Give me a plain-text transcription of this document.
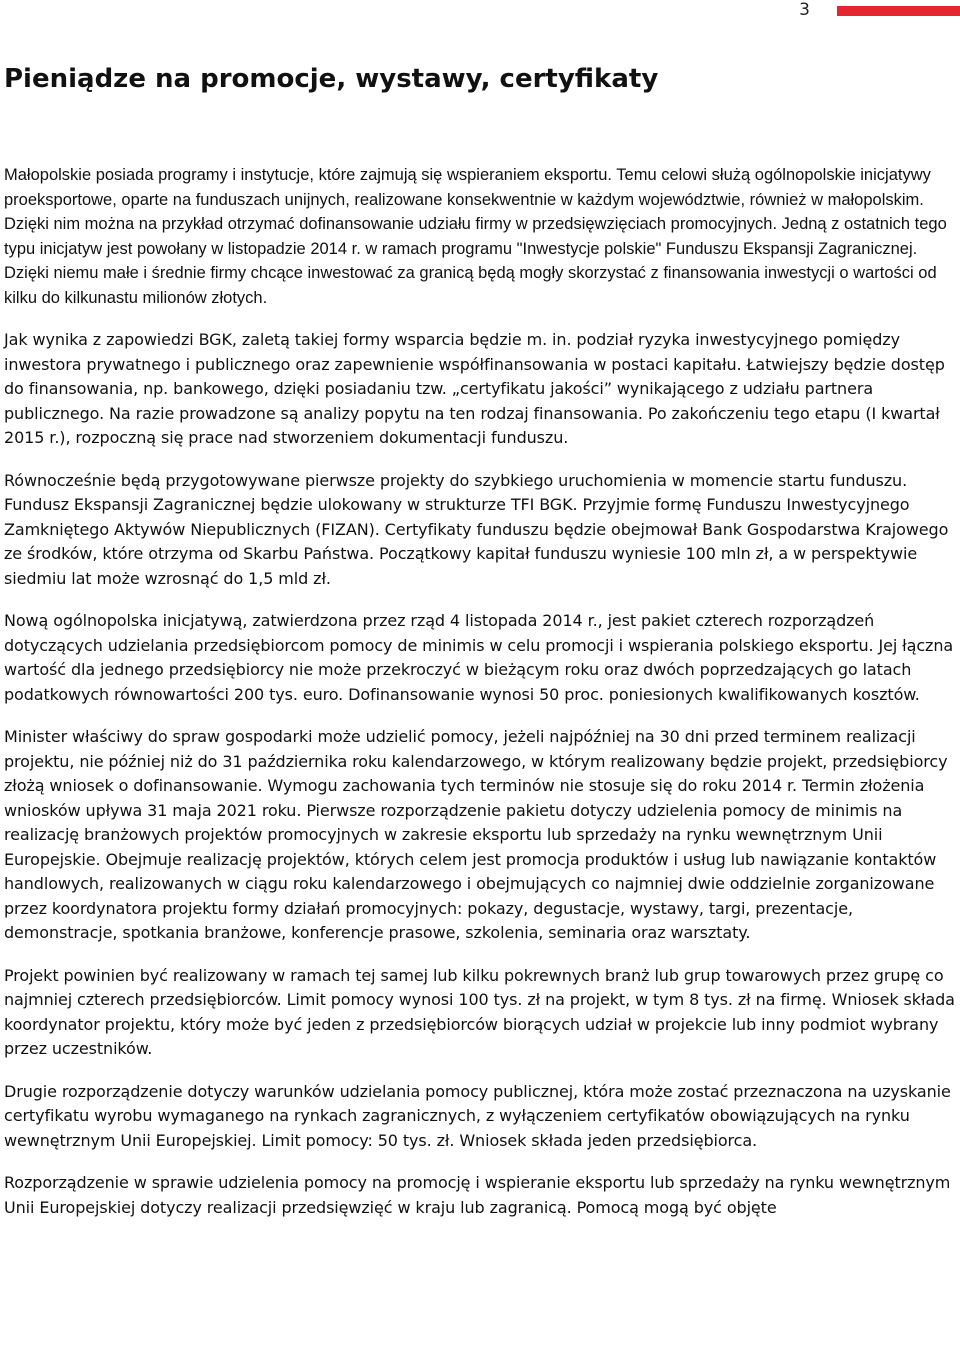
3
Pieniądze na promocje, wystawy, certyfikaty

Małopolskie posiada programy i instytucje, które zajmują się wspieraniem eksportu. Temu celowi służą ogólnopolskie inicjatywy proeksportowe, oparte na funduszach unijnych, realizowane konsekwentnie w każdym województwie, również w małopolskim. Dzięki nim można na przykład otrzymać dofinansowanie udziału firmy w przedsięwzięciach promocyjnych. Jedną z ostatnich tego typu inicjatyw jest powołany w listopadzie 2014 r. w ramach programu "Inwestycje polskie" Funduszu Ekspansji Zagranicznej. Dzięki niemu małe i średnie firmy chcące inwestować za granicą będą mogły skorzystać z finansowania inwestycji o wartości od kilku do kilkunastu milionów złotych.

Jak wynika z zapowiedzi BGK, zaletą takiej formy wsparcia będzie m. in. podział ryzyka inwestycyjnego pomiędzy inwestora prywatnego i publicznego oraz zapewnienie współfinansowania w postaci kapitału. Łatwiejszy będzie dostęp do finansowania, np. bankowego, dzięki posiadaniu tzw. „certyfikatu jakości” wynikającego z udziału partnera publicznego. Na razie prowadzone są analizy popytu na ten rodzaj finansowania. Po zakończeniu tego etapu (I kwartał 2015 r.), rozpoczną się prace nad stworzeniem dokumentacji funduszu.

Równocześnie będą przygotowywane pierwsze projekty do szybkiego uruchomienia w momencie startu funduszu. Fundusz Ekspansji Zagranicznej będzie ulokowany w strukturze TFI BGK. Przyjmie formę Funduszu Inwestycyjnego Zamkniętego Aktywów Niepublicznych (FIZAN). Certyfikaty funduszu będzie obejmował Bank Gospodarstwa Krajowego ze środków, które otrzyma od Skarbu Państwa. Początkowy kapitał funduszu wyniesie 100 mln zł, a w perspektywie siedmiu lat może wzrosnąć do 1,5 mld zł.

Nową ogólnopolska inicjatywą, zatwierdzona przez rząd 4 listopada 2014 r., jest pakiet czterech rozporządzeń dotyczących udzielania przedsiębiorcom pomocy de minimis w celu promocji i wspierania polskiego eksportu. Jej łączna wartość dla jednego przedsiębiorcy nie może przekroczyć w bieżącym roku oraz dwóch poprzedzających go latach podatkowych równowartości 200 tys. euro. Dofinansowanie wynosi 50 proc. poniesionych kwalifikowanych kosztów.

Minister właściwy do spraw gospodarki może udzielić pomocy, jeżeli najpóźniej na 30 dni przed terminem realizacji projektu, nie później niż do 31 października roku kalendarzowego, w którym realizowany będzie projekt, przedsiębiorcy złożą wniosek o dofinansowanie. Wymogu zachowania tych terminów nie stosuje się do roku 2014 r. Termin złożenia wniosków upływa 31 maja 2021 roku. Pierwsze rozporządzenie pakietu dotyczy udzielenia pomocy de minimis na realizację branżowych projektów promocyjnych w zakresie eksportu lub sprzedaży na rynku wewnętrznym Unii Europejskie. Obejmuje realizację projektów, których celem jest promocja produktów i usług lub nawiązanie kontaktów handlowych, realizowanych w ciągu roku kalendarzowego i obejmujących co najmniej dwie oddzielnie zorganizowane przez koordynatora projektu formy działań promocyjnych: pokazy, degustacje, wystawy, targi, prezentacje, demonstracje, spotkania branżowe, konferencje prasowe, szkolenia, seminaria oraz warsztaty.

Projekt powinien być realizowany w ramach tej samej lub kilku pokrewnych branż lub grup towarowych przez grupę co najmniej czterech przedsiębiorców. Limit pomocy wynosi 100 tys. zł na projekt, w tym 8 tys. zł na firmę. Wniosek składa koordynator projektu, który może być jeden z przedsiębiorców biorących udział w projekcie lub inny podmiot wybrany przez uczestników.

Drugie rozporządzenie dotyczy warunków udzielania pomocy publicznej, która może zostać przeznaczona na uzyskanie certyfikatu wyrobu wymaganego na rynkach zagranicznych, z wyłączeniem certyfikatów obowiązujących na rynku wewnętrznym Unii Europejskiej. Limit pomocy: 50 tys. zł. Wniosek składa jeden przedsiębiorca.

Rozporządzenie w sprawie udzielenia pomocy na promocję i wspieranie eksportu lub sprzedaży na rynku wewnętrznym Unii Europejskiej dotyczy realizacji przedsięwzięć w kraju lub zagranicą. Pomocą mogą być objęte
